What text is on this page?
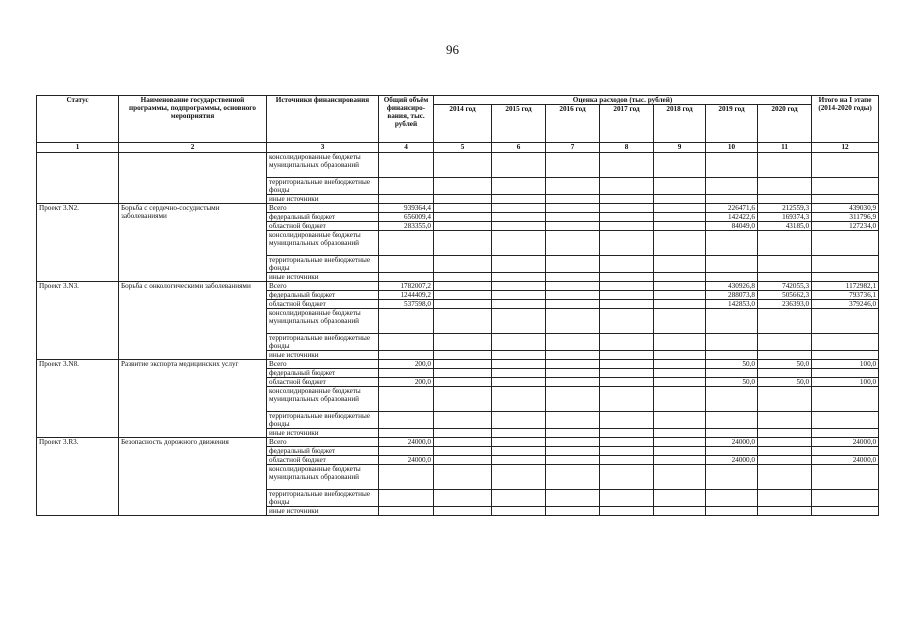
96
Статус	Наименование государственной программы, подпрограммы, основного мероприятия	Источники финансирования	Общий объём финансиро-вания, тыс. рублей	Оценка расходов (тыс. рублей)							Итого на I этапе (2014-2020 годы)
				2014 год	2015 год	2016 год	2017 год	2018 год	2019 год	2020 год	
1	2	3	4	5	6	7	8	9	10	11	12
		консолидированные бюджеты муниципальных образований									
		территориальные внебюджетные фонды									
		иные источники									
Проект 3.N2.	Борьба с сердечно-сосудистыми заболеваниями	Всего	939364,4						226471,6	212559,3	439030,9
		федеральный бюджет	656009,4						142422,6	169374,3	311796,9
		областной бюджет	283355,0						84049,0	43185,0	127234,0
		консолидированные бюджеты муниципальных образований									
		территориальные внебюджетные фонды									
		иные источники									
Проект 3.N3.	Борьба с онкологическими заболеваниями	Всего	1782007,2						430926,8	742055,3	1172982,1
		федеральный бюджет	1244409,2						288073,8	505662,3	793736,1
		областной бюджет	537598,0						142853,0	236393,0	379246,0
		консолидированные бюджеты муниципальных образований									
		территориальные внебюджетные фонды									
		иные источники									
Проект 3.N8.	Развитие экспорта медицинских услуг	Всего	200,0						50,0	50,0	100,0
		федеральный бюджет									
		областной бюджет	200,0						50,0	50,0	100,0
		консолидированные бюджеты муниципальных образований									
		территориальные внебюджетные фонды									
		иные источники									
Проект 3.R3.	Безопасность дорожного движения	Всего	24000,0						24000,0		24000,0
		федеральный бюджет									
		областной бюджет	24000,0						24000,0		24000,0
		консолидированные бюджеты муниципальных образований									
		территориальные внебюджетные фонды									
		иные источники									
